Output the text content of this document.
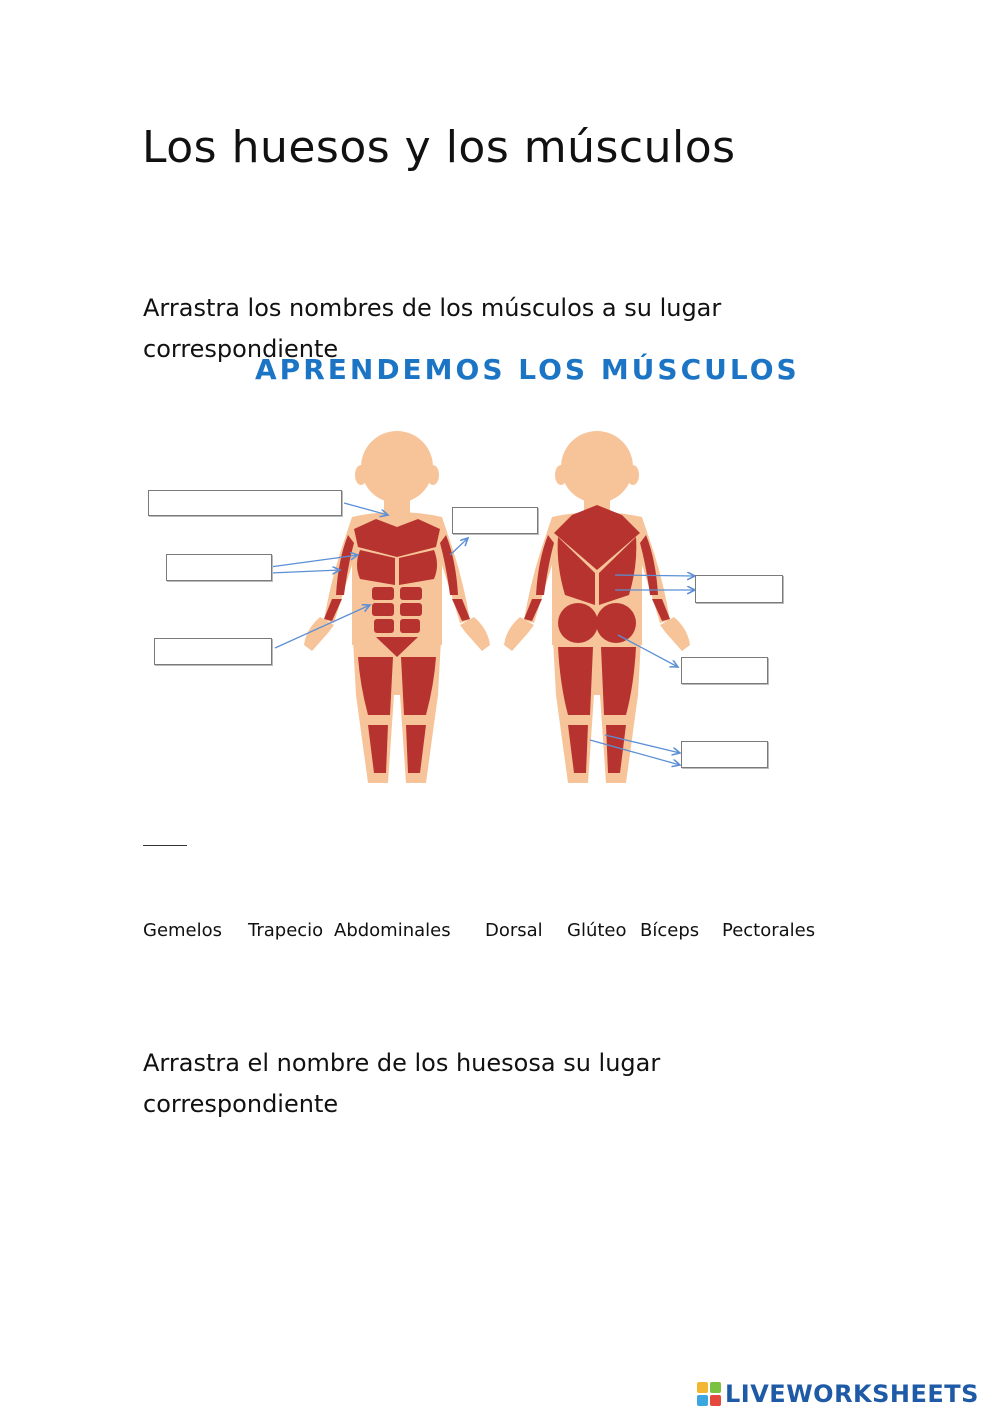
Los huesos y los músculos
Arrastra los nombres de los músculos a su lugar correspondiente
APRENDEMOS LOS MÚSCULOS
Gemelos Trapecio Abdominales Dorsal Glúteo Bíceps Pectorales
Arrastra el nombre de los huesosa su lugar correspondiente
LIVEWORKSHEETS
